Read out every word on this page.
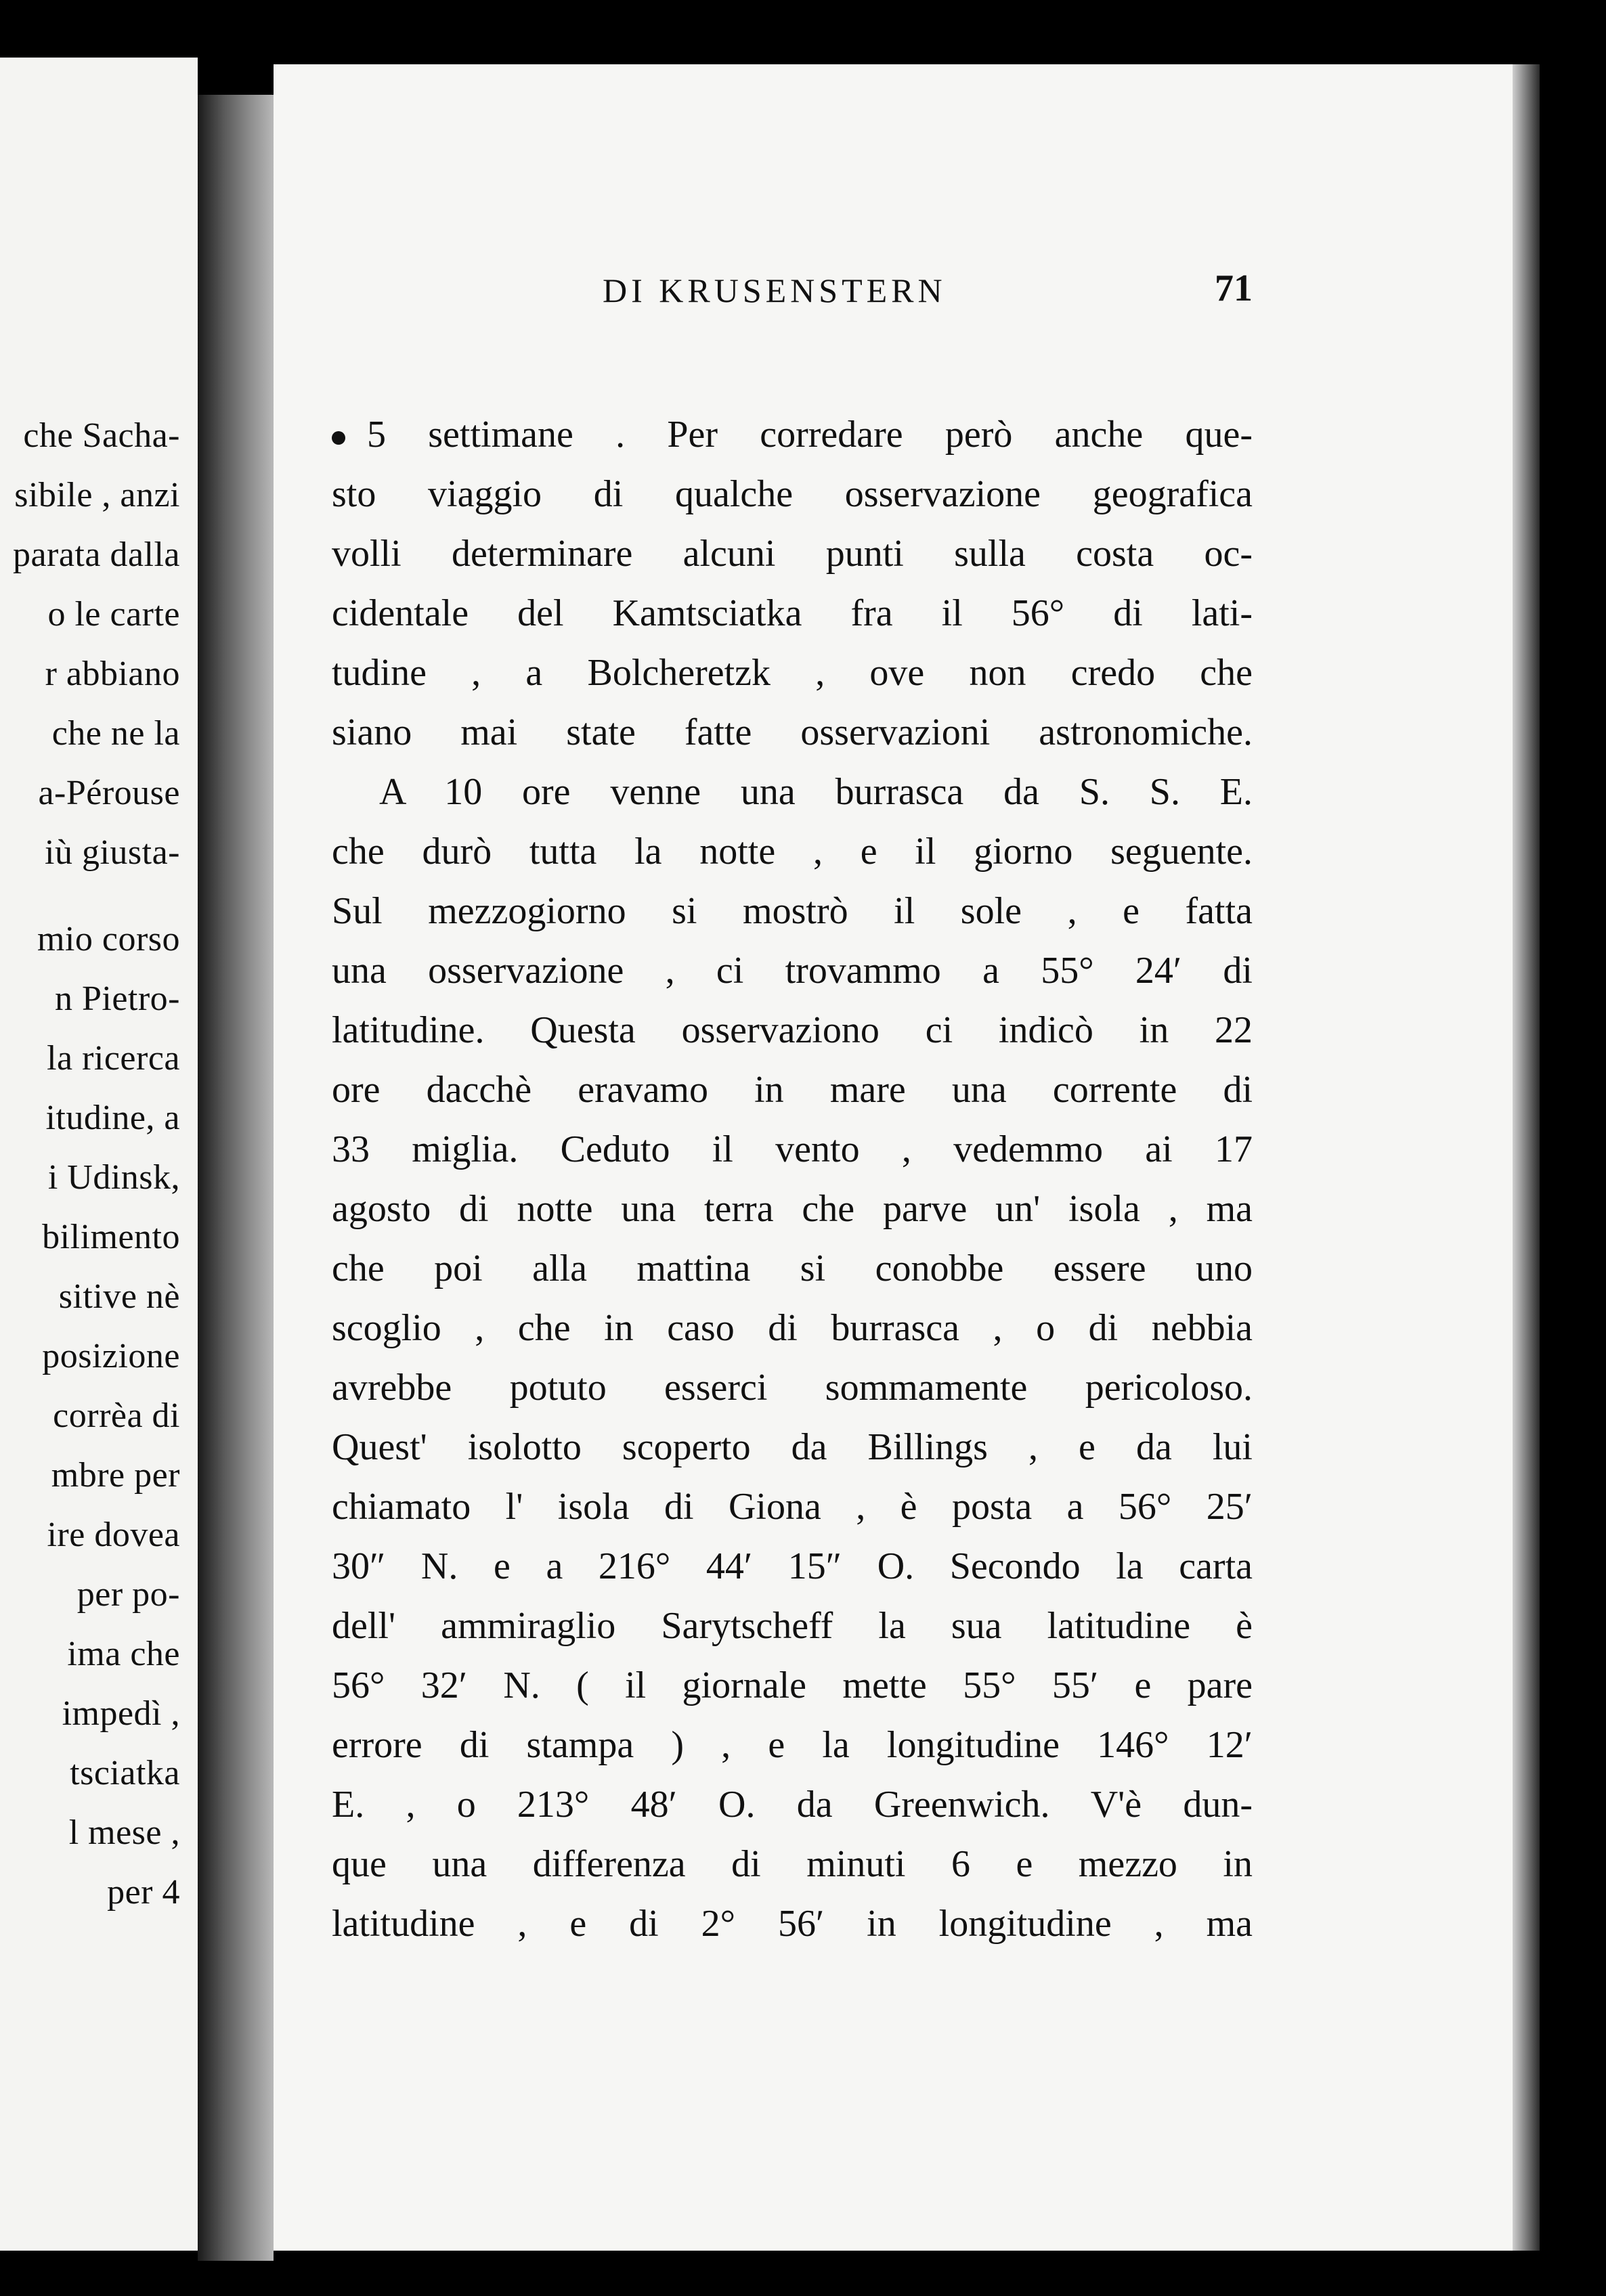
che Sacha-
sibile , anzi
parata dalla
o le carte
r abbiano
che ne la
a-Pérouse
iù giusta-
mio corso
n Pietro-
la ricerca
itudine, a
i Udinsk,
bilimento
sitive nè
posizione
corrèa di
mbre per
ire dovea
per po-
ima che
impedì ,
tsciatka
l mese ,
per 4
DI KRUSENSTERN	71
5 settimane . Per corredare però anche que-
sto viaggio di qualche osservazione geografica
volli determinare alcuni punti sulla costa oc-
cidentale del Kamtsciatka fra il 56° di lati-
tudine , a Bolcheretzk , ove non credo che
siano mai state fatte osservazioni astronomiche.
A 10 ore venne una burrasca da S. S. E.
che durò tutta la notte , e il giorno seguente.
Sul mezzogiorno si mostrò il sole , e fatta
una osservazione , ci trovammo a 55° 24′ di
latitudine. Questa osservaziono ci indicò in 22
ore dacchè eravamo in mare una corrente di
33 miglia. Ceduto il vento , vedemmo ai 17
agosto di notte una terra che parve un' isola , ma
che poi alla mattina si conobbe essere uno
scoglio , che in caso di burrasca , o di nebbia
avrebbe potuto esserci sommamente pericoloso.
Quest' isolotto scoperto da Billings , e da lui
chiamato l' isola di Giona , è posta a 56° 25′
30″ N. e a 216° 44′ 15″ O. Secondo la carta
dell' ammiraglio Sarytscheff la sua latitudine è
56° 32′ N. ( il giornale mette 55° 55′ e pare
errore di stampa ) , e la longitudine 146° 12′
E. , o 213° 48′ O. da Greenwich. V'è dun-
que una differenza di minuti 6 e mezzo in
latitudine , e di 2° 56′ in longitudine , ma
